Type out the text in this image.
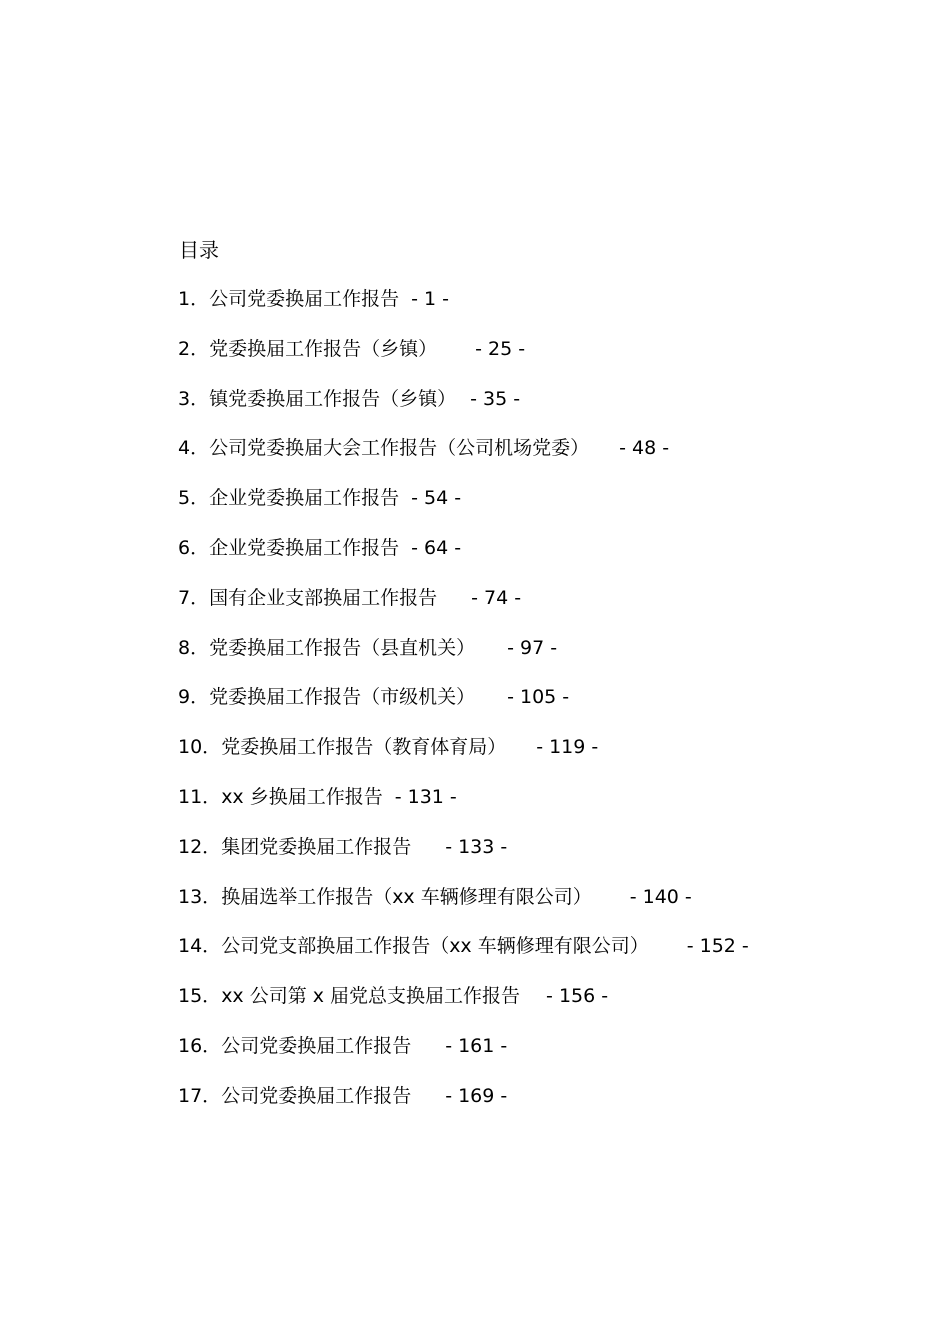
目录
1． 公司党委换届工作报告 - 1 -
2． 党委换届工作报告（乡镇） - 25 -
3． 镇党委换届工作报告（乡镇） - 35 -
4． 公司党委换届大会工作报告（公司机场党委） - 48 -
5． 企业党委换届工作报告 - 54 -
6． 企业党委换届工作报告 - 64 -
7． 国有企业支部换届工作报告 - 74 -
8． 党委换届工作报告（县直机关） - 97 -
9． 党委换届工作报告（市级机关） - 105 -
10． 党委换届工作报告（教育体育局） - 119 -
11． xx 乡换届工作报告 - 131 -
12． 集团党委换届工作报告 - 133 -
13． 换届选举工作报告（xx 车辆修理有限公司） - 140 -
14． 公司党支部换届工作报告（xx 车辆修理有限公司） - 152 -
15． xx 公司第 x 届党总支换届工作报告 - 156 -
16． 公司党委换届工作报告 - 161 -
17． 公司党委换届工作报告 - 169 -
